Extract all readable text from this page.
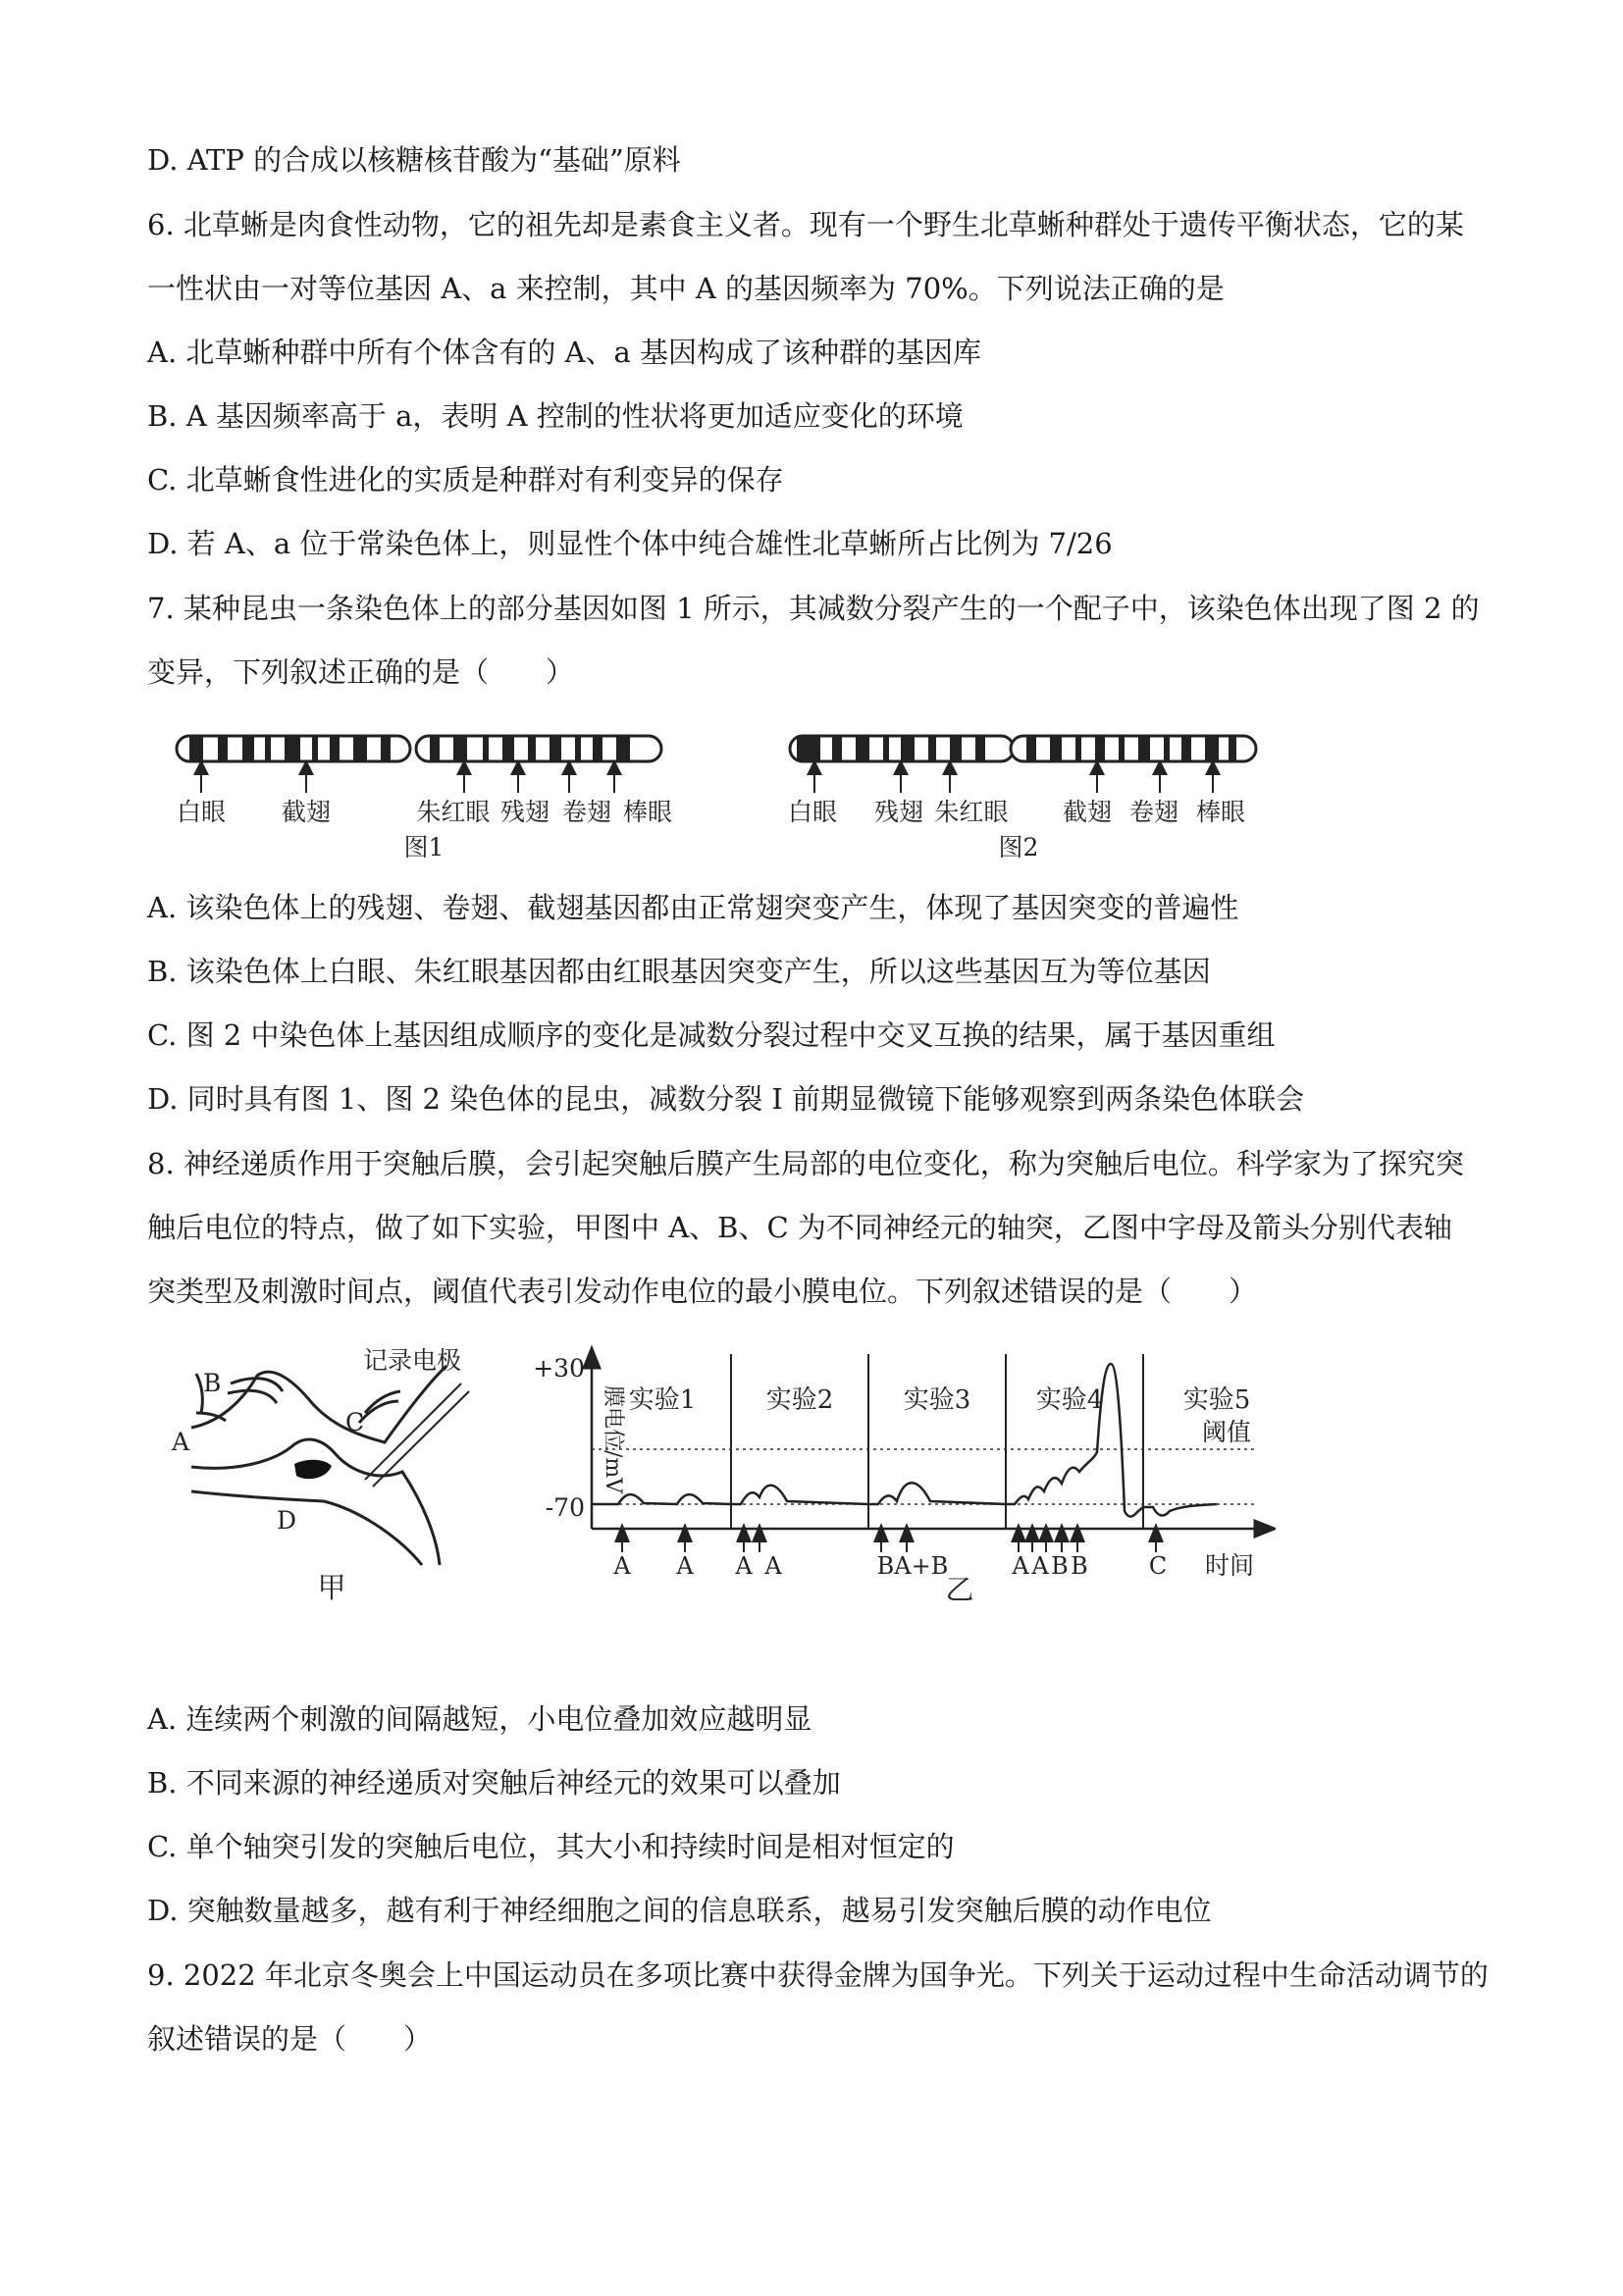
D. ATP 的合成以核糖核苷酸为“基础”原料
6. 北草蜥是肉食性动物，它的祖先却是素食主义者。现有一个野生北草蜥种群处于遗传平衡状态，它的某
一性状由一对等位基因 A、a 来控制，其中 A 的基因频率为 70%。下列说法正确的是
A. 北草蜥种群中所有个体含有的 A、a 基因构成了该种群的基因库
B. A 基因频率高于 a，表明 A 控制的性状将更加适应变化的环境
C. 北草蜥食性进化的实质是种群对有利变异的保存
D. 若 A、a 位于常染色体上，则显性个体中纯合雄性北草蜥所占比例为 7/26
7. 某种昆虫一条染色体上的部分基因如图 1 所示，其减数分裂产生的一个配子中，该染色体出现了图 2 的
变异，下列叙述正确的是（　　）
白眼 截翅	朱红眼 残翅 卷翅 棒眼
图1
白眼 残翅 朱红眼 截翅 卷翅 棒眼
图2
A. 该染色体上的残翅、卷翅、截翅基因都由正常翅突变产生，体现了基因突变的普遍性
B. 该染色体上白眼、朱红眼基因都由红眼基因突变产生，所以这些基因互为等位基因
C. 图 2 中染色体上基因组成顺序的变化是减数分裂过程中交叉互换的结果，属于基因重组
D. 同时具有图 1、图 2 染色体的昆虫，减数分裂 I 前期显微镜下能够观察到两条染色体联会
8. 神经递质作用于突触后膜，会引起突触后膜产生局部的电位变化，称为突触后电位。科学家为了探究突
触后电位的特点，做了如下实验，甲图中 A、B、C 为不同神经元的轴突，乙图中字母及箭头分别代表轴
突类型及刺激时间点，阈值代表引发动作电位的最小膜电位。下列叙述错误的是（　　）
记录电极
A
B
C
D
甲
+30
-70
膜电位/mV 实验1	实验2	实验3	实验4	实验5
阈值
A A A A	BA+B	A A B B	C 时间
乙
A. 连续两个刺激的间隔越短，小电位叠加效应越明显
B. 不同来源的神经递质对突触后神经元的效果可以叠加
C. 单个轴突引发的突触后电位，其大小和持续时间是相对恒定的
D. 突触数量越多，越有利于神经细胞之间的信息联系，越易引发突触后膜的动作电位
9. 2022 年北京冬奥会上中国运动员在多项比赛中获得金牌为国争光。下列关于运动过程中生命活动调节的
叙述错误的是（　　）
